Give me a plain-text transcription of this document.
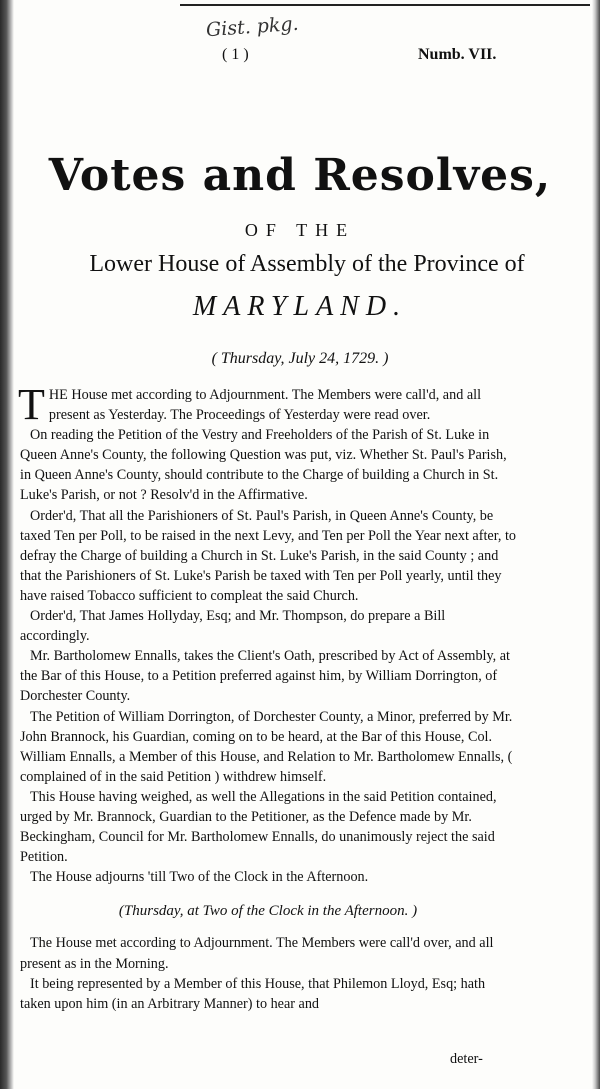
Gist. pkg.
( 1 )	Numb. VII.
Votes and Resolves,
OF THE
Lower House of Assembly of the Province of
MARYLAND.
( Thursday, July 24, 1729. )
T HE House met according to Adjournment. The Members were call'd, and all present as Yesterday. The Proceedings of Yesterday were read over.

On reading the Petition of the Vestry and Freeholders of the Parish of St. Luke in Queen Anne's County, the following Question was put, viz. Whether St. Paul's Parish, in Queen Anne's County, should contribute to the Charge of building a Church in St. Luke's Parish, or not ? Resolv'd in the Affirmative.

Order'd, That all the Parishioners of St. Paul's Parish, in Queen Anne's County, be taxed Ten per Poll, to be raised in the next Levy, and Ten per Poll the Year next after, to defray the Charge of building a Church in St. Luke's Parish, in the said County ; and that the Parishioners of St. Luke's Parish be taxed with Ten per Poll yearly, until they have raised Tobacco sufficient to compleat the said Church.

Order'd, That James Hollyday, Esq; and Mr. Thompson, do prepare a Bill accordingly.

Mr. Bartholomew Ennalls, takes the Client's Oath, prescribed by Act of Assembly, at the Bar of this House, to a Petition preferred against him, by William Dorrington, of Dorchester County.

The Petition of William Dorrington, of Dorchester County, a Minor, preferred by Mr. John Brannock, his Guardian, coming on to be heard, at the Bar of this House, Col. William Ennalls, a Member of this House, and Relation to Mr. Bartholomew Ennalls, ( complained of in the said Petition ) withdrew himself.

This House having weighed, as well the Allegations in the said Petition contained, urged by Mr. Brannock, Guardian to the Petitioner, as the Defence made by Mr. Beckingham, Council for Mr. Bartholomew Ennalls, do unanimously reject the said Petition.

The House adjourns 'till Two of the Clock in the Afternoon.

(Thursday, at Two of the Clock in the Afternoon. )

The House met according to Adjournment. The Members were call'd over, and all present as in the Morning.

It being represented by a Member of this House, that Philemon Lloyd, Esq; hath taken upon him (in an Arbitrary Manner) to hear and

deter-
